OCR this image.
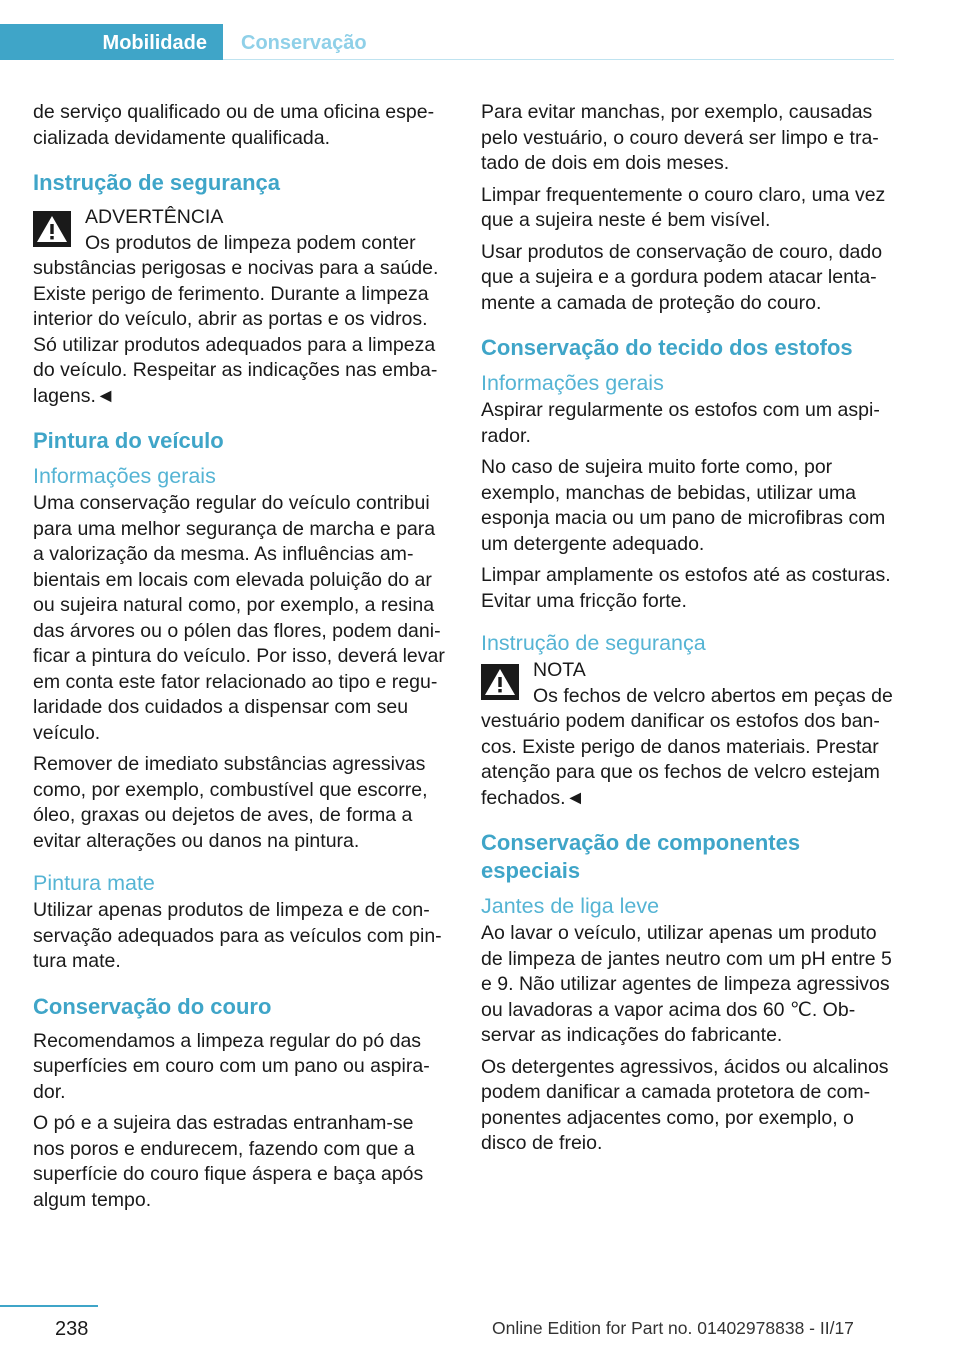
Mobilidade Conservação

de serviço qualificado ou de uma oficina especializada devidamente qualificada.

Instrução de segurança

ADVERTÊNCIA

Os produtos de limpeza podem conter substâncias perigosas e nocivas para a saúde. Existe perigo de ferimento. Durante a limpeza interior do veículo, abrir as portas e os vidros. Só utilizar produtos adequados para a limpeza do veículo. Respeitar as indicações nas embalagens.◄

Pintura do veículo
Informações gerais

Uma conservação regular do veículo contribui para uma melhor segurança de marcha e para a valorização da mesma. As influências ambientais em locais com elevada poluição do ar ou sujeira natural como, por exemplo, a resina das árvores ou o pólen das flores, podem danificar a pintura do veículo. Por isso, deverá levar em conta este fator relacionado ao tipo e regularidade dos cuidados a dispensar com seu veículo.

Remover de imediato substâncias agressivas como, por exemplo, combustível que escorre, óleo, graxas ou dejetos de aves, de forma a evitar alterações ou danos na pintura.

Pintura mate

Utilizar apenas produtos de limpeza e de conservação adequados para as veículos com pintura mate.

Conservação do couro

Recomendamos a limpeza regular do pó das superfícies em couro com um pano ou aspirador.

O pó e a sujeira das estradas entranham-se nos poros e endurecem, fazendo com que a superfície do couro fique áspera e baça após algum tempo.

Para evitar manchas, por exemplo, causadas pelo vestuário, o couro deverá ser limpo e tratado de dois em dois meses.

Limpar frequentemente o couro claro, uma vez que a sujeira neste é bem visível.

Usar produtos de conservação de couro, dado que a sujeira e a gordura podem atacar lentamente a camada de proteção do couro.

Conservação do tecido dos estofos
Informações gerais

Aspirar regularmente os estofos com um aspirador.

No caso de sujeira muito forte como, por exemplo, manchas de bebidas, utilizar uma esponja macia ou um pano de microfibras com um detergente adequado.

Limpar amplamente os estofos até as costuras. Evitar uma fricção forte.

Instrução de segurança

NOTA

Os fechos de velcro abertos em peças de vestuário podem danificar os estofos dos bancos. Existe perigo de danos materiais. Prestar atenção para que os fechos de velcro estejam fechados.◄

Conservação de componentes especiais
Jantes de liga leve

Ao lavar o veículo, utilizar apenas um produto de limpeza de jantes neutro com um pH entre 5 e 9. Não utilizar agentes de limpeza agressivos ou lavadoras a vapor acima dos 60 ℃. Observar as indicações do fabricante.

Os detergentes agressivos, ácidos ou alcalinos podem danificar a camada protetora de componentes adjacentes como, por exemplo, o disco de freio.

238	Online Edition for Part no. 01402978838 - II/17
